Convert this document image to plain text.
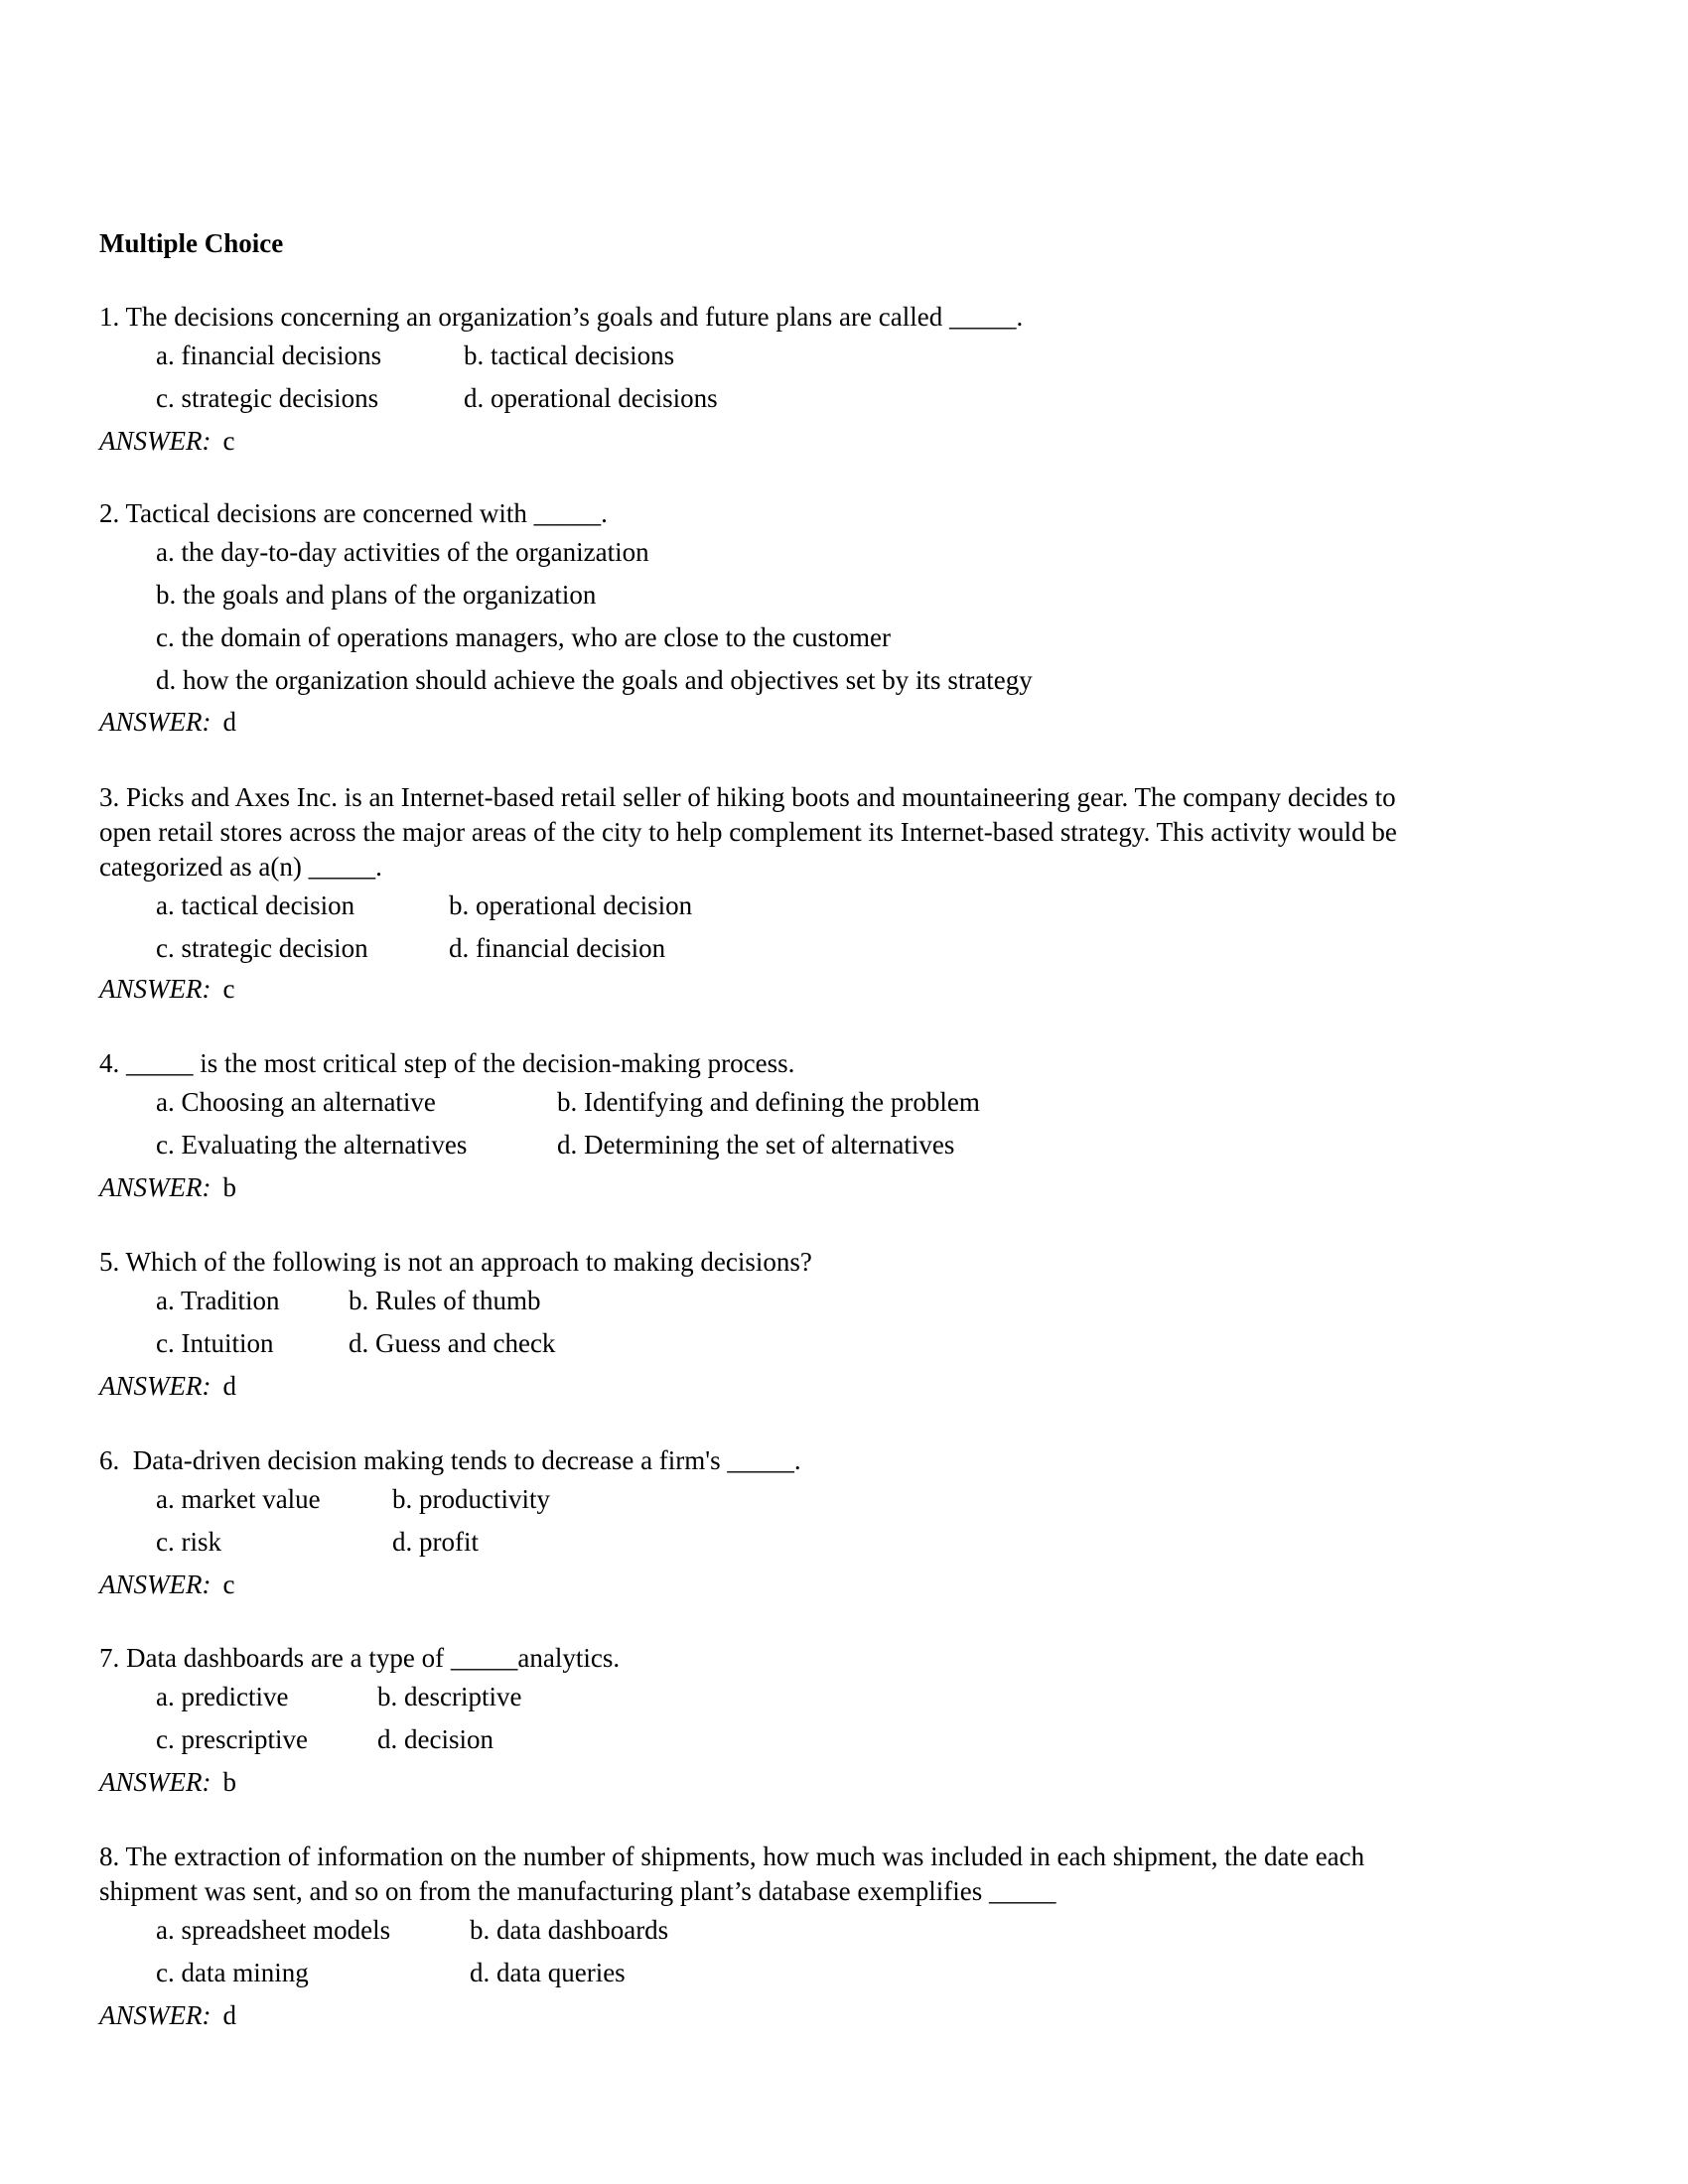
Multiple Choice
1. The decisions concerning an organization’s goals and future plans are called _____.
a. financial decisions	b. tactical decisions
c. strategic decisions	d. operational decisions
ANSWER: c
2. Tactical decisions are concerned with _____.
a. the day-to-day activities of the organization
b. the goals and plans of the organization
c. the domain of operations managers, who are close to the customer
d. how the organization should achieve the goals and objectives set by its strategy
ANSWER: d
3. Picks and Axes Inc. is an Internet-based retail seller of hiking boots and mountaineering gear. The company decides to
open retail stores across the major areas of the city to help complement its Internet-based strategy. This activity would be
categorized as a(n) _____.
a. tactical decision	b. operational decision
c. strategic decision	d. financial decision
ANSWER: c
4. _____ is the most critical step of the decision-making process.
a. Choosing an alternative	b. Identifying and defining the problem
c. Evaluating the alternatives	d. Determining the set of alternatives
ANSWER: b
5. Which of the following is not an approach to making decisions?
a. Tradition	b. Rules of thumb
c. Intuition	d. Guess and check
ANSWER: d
6.  Data-driven decision making tends to decrease a firm's _____.
a. market value	b. productivity
c. risk	d. profit
ANSWER: c
7. Data dashboards are a type of _____analytics.
a. predictive	b. descriptive
c. prescriptive	d. decision
ANSWER: b
8. The extraction of information on the number of shipments, how much was included in each shipment, the date each
shipment was sent, and so on from the manufacturing plant’s database exemplifies _____
a. spreadsheet models	b. data dashboards
c. data mining	d. data queries
ANSWER: d
